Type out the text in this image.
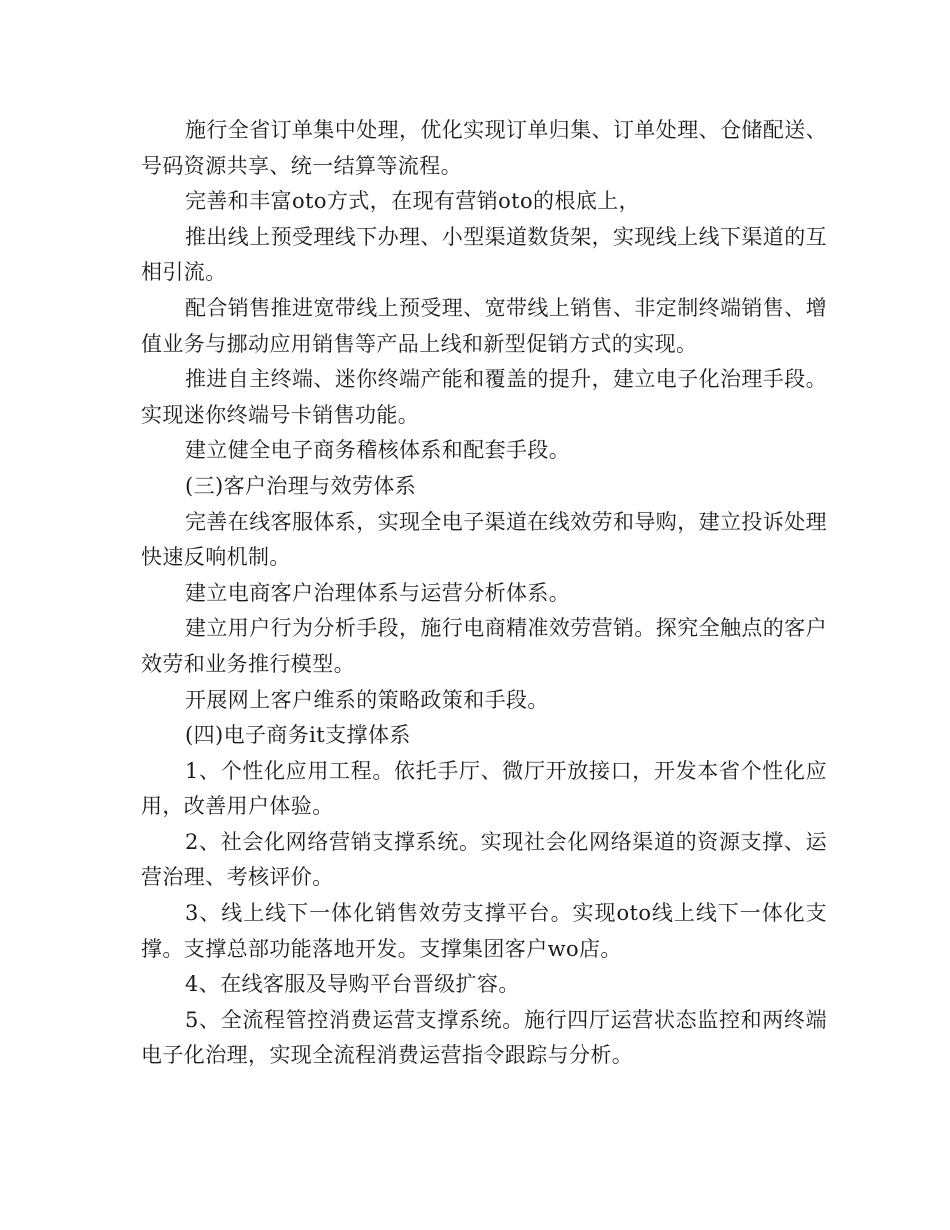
施行全省订单集中处理，优化实现订单归集、订单处理、仓储配送、号码资源共享、统一结算等流程。

完善和丰富oto方式，在现有营销oto的根底上，

推出线上预受理线下办理、小型渠道数货架，实现线上线下渠道的互相引流。

配合销售推进宽带线上预受理、宽带线上销售、非定制终端销售、增值业务与挪动应用销售等产品上线和新型促销方式的实现。

推进自主终端、迷你终端产能和覆盖的提升，建立电子化治理手段。实现迷你终端号卡销售功能。

建立健全电子商务稽核体系和配套手段。

(三)客户治理与效劳体系

完善在线客服体系，实现全电子渠道在线效劳和导购，建立投诉处理快速反响机制。

建立电商客户治理体系与运营分析体系。

建立用户行为分析手段，施行电商精准效劳营销。探究全触点的客户效劳和业务推行模型。

开展网上客户维系的策略政策和手段。

(四)电子商务it支撑体系

1、个性化应用工程。依托手厅、微厅开放接口，开发本省个性化应用，改善用户体验。

2、社会化网络营销支撑系统。实现社会化网络渠道的资源支撑、运营治理、考核评价。

3、线上线下一体化销售效劳支撑平台。实现oto线上线下一体化支撑。支撑总部功能落地开发。支撑集团客户wo店。

4、在线客服及导购平台晋级扩容。

5、全流程管控消费运营支撑系统。施行四厅运营状态监控和两终端电子化治理，实现全流程消费运营指令跟踪与分析。
